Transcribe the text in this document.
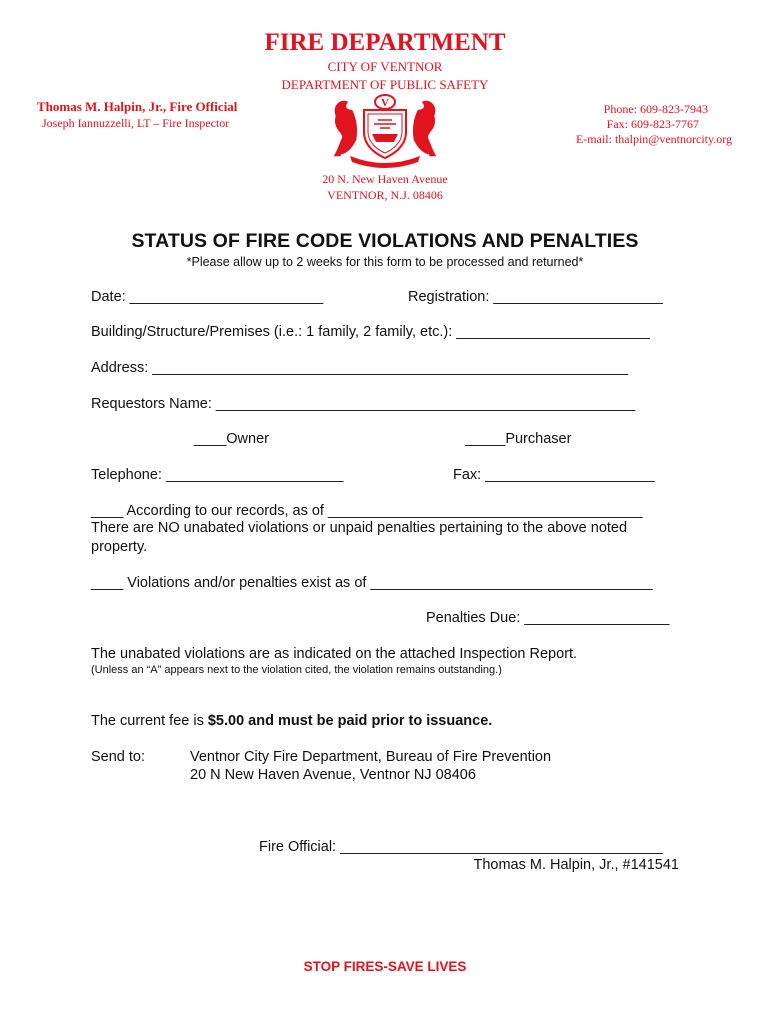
FIRE DEPARTMENT
CITY OF VENTNOR
DEPARTMENT OF PUBLIC SAFETY
Thomas M. Halpin, Jr., Fire Official
Joseph Iannuzzelli, LT – Fire Inspector
Phone: 609-823-7943
Fax: 609-823-7767
E-mail: thalpin@ventnorcity.org
V
20 N. New Haven Avenue
VENTNOR, N.J. 08406
STATUS OF FIRE CODE VIOLATIONS AND PENALTIES
*Please allow up to 2 weeks for this form to be processed and returned*
Date: ________________________	Registration: _____________________
Building/Structure/Premises (i.e.: 1 family, 2 family, etc.): ________________________
Address: ___________________________________________________________
Requestors Name: ____________________________________________________
____Owner	_____Purchaser
Telephone: ______________________	Fax: _____________________
____ According to our records, as of _______________________________________
There are NO unabated violations or unpaid penalties pertaining to the above noted
property.
____ Violations and/or penalties exist as of ___________________________________
Penalties Due: __________________
The unabated violations are as indicated on the attached Inspection Report.
(Unless an “A” appears next to the violation cited, the violation remains outstanding.)
The current fee is $5.00 and must be paid prior to issuance.
Send to:	Ventnor City Fire Department, Bureau of Fire Prevention
20 N New Haven Avenue, Ventnor NJ 08406
Fire Official: ________________________________________
Thomas M. Halpin, Jr., #141541
STOP FIRES-SAVE LIVES
